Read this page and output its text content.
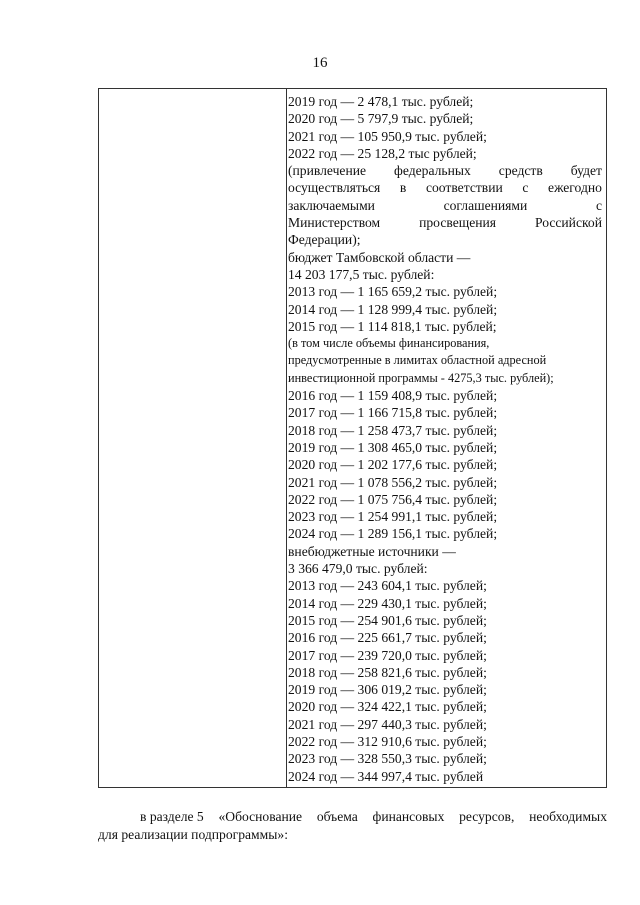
16
2019 год — 2 478,1 тыс. рублей;
2020 год — 5 797,9 тыс. рублей;
2021 год — 105 950,9 тыс. рублей;
2022 год — 25 128,2 тыс рублей;
(привлечение федеральных средств будет
осуществляться в соответствии с ежегодно
заключаемыми	соглашениями	с
Министерством	просвещения	Российской
Федерации);
бюджет Тамбовской области —
14 203 177,5 тыс. рублей:
2013 год — 1 165 659,2 тыс. рублей;
2014 год — 1 128 999,4 тыс. рублей;
2015 год — 1 114 818,1 тыс. рублей;
(в том числе объемы финансирования,
предусмотренные в лимитах областной адресной
инвестиционной программы - 4275,3 тыс. рублей);
2016 год — 1 159 408,9 тыс. рублей;
2017 год — 1 166 715,8 тыс. рублей;
2018 год — 1 258 473,7 тыс. рублей;
2019 год — 1 308 465,0 тыс. рублей;
2020 год — 1 202 177,6 тыс. рублей;
2021 год — 1 078 556,2 тыс. рублей;
2022 год — 1 075 756,4 тыс. рублей;
2023 год — 1 254 991,1 тыс. рублей;
2024 год — 1 289 156,1 тыс. рублей;
внебюджетные источники —
3 366 479,0 тыс. рублей:
2013 год — 243 604,1 тыс. рублей;
2014 год — 229 430,1 тыс. рублей;
2015 год — 254 901,6 тыс. рублей;
2016 год — 225 661,7 тыс. рублей;
2017 год — 239 720,0 тыс. рублей;
2018 год — 258 821,6 тыс. рублей;
2019 год — 306 019,2 тыс. рублей;
2020 год — 324 422,1 тыс. рублей;
2021 год — 297 440,3 тыс. рублей;
2022 год — 312 910,6 тыс. рублей;
2023 год — 328 550,3 тыс. рублей;
2024 год — 344 997,4 тыс. рублей
в разделе 5 «Обоснование объема финансовых ресурсов, необходимых
для реализации подпрограммы»:
